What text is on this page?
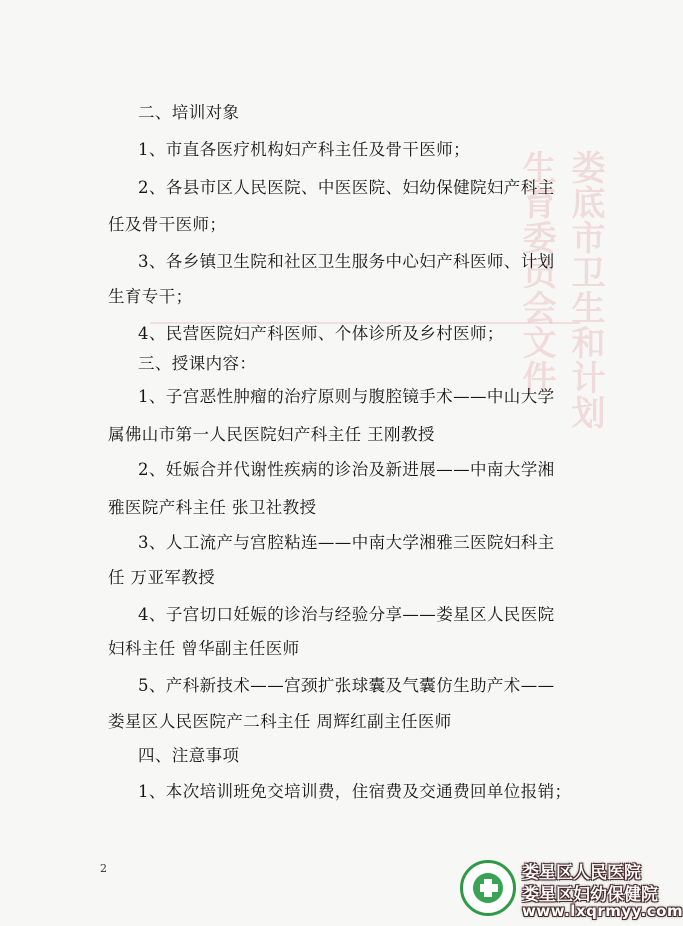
娄底市卫生和计划生育委员会文件
二、培训对象
1、市直各医疗机构妇产科主任及骨干医师；
2、各县市区人民医院、中医医院、妇幼保健院妇产科主
任及骨干医师；
3、各乡镇卫生院和社区卫生服务中心妇产科医师、计划
生育专干；
4、民营医院妇产科医师、个体诊所及乡村医师；
三、授课内容：
1、子宫恶性肿瘤的治疗原则与腹腔镜手术——中山大学
属佛山市第一人民医院妇产科主任 王刚教授
2、妊娠合并代谢性疾病的诊治及新进展——中南大学湘
雅医院产科主任 张卫社教授
3、人工流产与宫腔粘连——中南大学湘雅三医院妇科主
任 万亚军教授
4、子宫切口妊娠的诊治与经验分享——娄星区人民医院
妇科主任 曾华副主任医师
5、产科新技术——宫颈扩张球囊及气囊仿生助产术——
娄星区人民医院产二科主任 周辉红副主任医师
四、注意事项
1、本次培训班免交培训费，住宿费及交通费回单位报销；
2	娄星区人民医院
娄星区妇幼保健院
www.lxqrmyy.com
